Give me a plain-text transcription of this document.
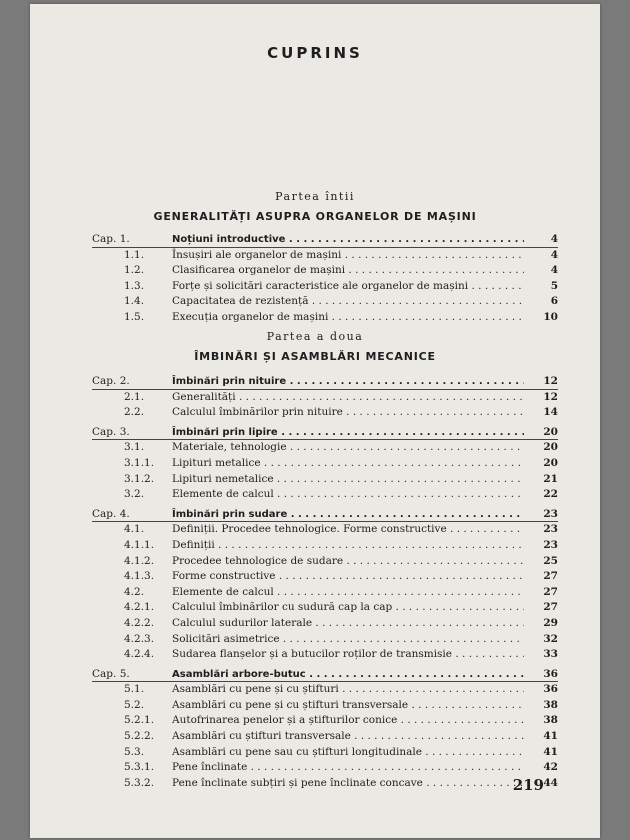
CUPRINS
Partea întii
GENERALITĂȚI ASUPRA ORGANELOR DE MAȘINI
Cap. 1.	Noțiuni introductive . . .	4
1.1.	Însușiri ale organelor de mașini . . .	4
1.2.	Clasificarea organelor de mașini . . .	4
1.3.	Forțe și solicitări caracteristice ale organelor de mașini . . .	5
1.4.	Capacitatea de rezistență . . .	6
1.5.	Execuția organelor de mașini . . .	10
Partea a doua
ÎMBINĂRI ȘI ASAMBLĂRI MECANICE
Cap. 2.	Îmbinări prin nituire . . .	12
2.1.	Generalități . . .	12
2.2.	Calculul îmbinărilor prin nituire . . .	14
Cap. 3.	Îmbinări prin lipire . . .	20
3.1.	Materiale, tehnologie . . .	20
3.1.1.	Lipituri metalice . . .	20
3.1.2.	Lipituri nemetalice . . .	21
3.2.	Elemente de calcul . . .	22
Cap. 4.	Îmbinări prin sudare . . .	23
4.1.	Definiții. Procedee tehnologice. Forme constructive . . .	23
4.1.1.	Definiții . . .	23
4.1.2.	Procedee tehnologice de sudare . . .	25
4.1.3.	Forme constructive . . .	27
4.2.	Elemente de calcul . . .	27
4.2.1.	Calculul îmbinărilor cu sudură cap la cap . . .	27
4.2.2.	Calculul sudurilor laterale . . .	29
4.2.3.	Solicitări asimetrice . . .	32
4.2.4.	Sudarea flanșelor și a butucilor roților de transmisie . . .	33
Cap. 5.	Asamblări arbore-butuc . . .	36
5.1.	Asamblări cu pene și cu știfturi . . .	36
5.2.	Asamblări cu pene și cu știfturi transversale . . .	38
5.2.1.	Autofrinarea penelor și a știfturilor conice . . .	38
5.2.2.	Asamblări cu știfturi transversale . . .	41
5.3.	Asamblări cu pene sau cu știfturi longitudinale . . .	41
5.3.1.	Pene înclinate . . .	42
5.3.2.	Pene înclinate subțiri și pene înclinate concave . . .	44
219
